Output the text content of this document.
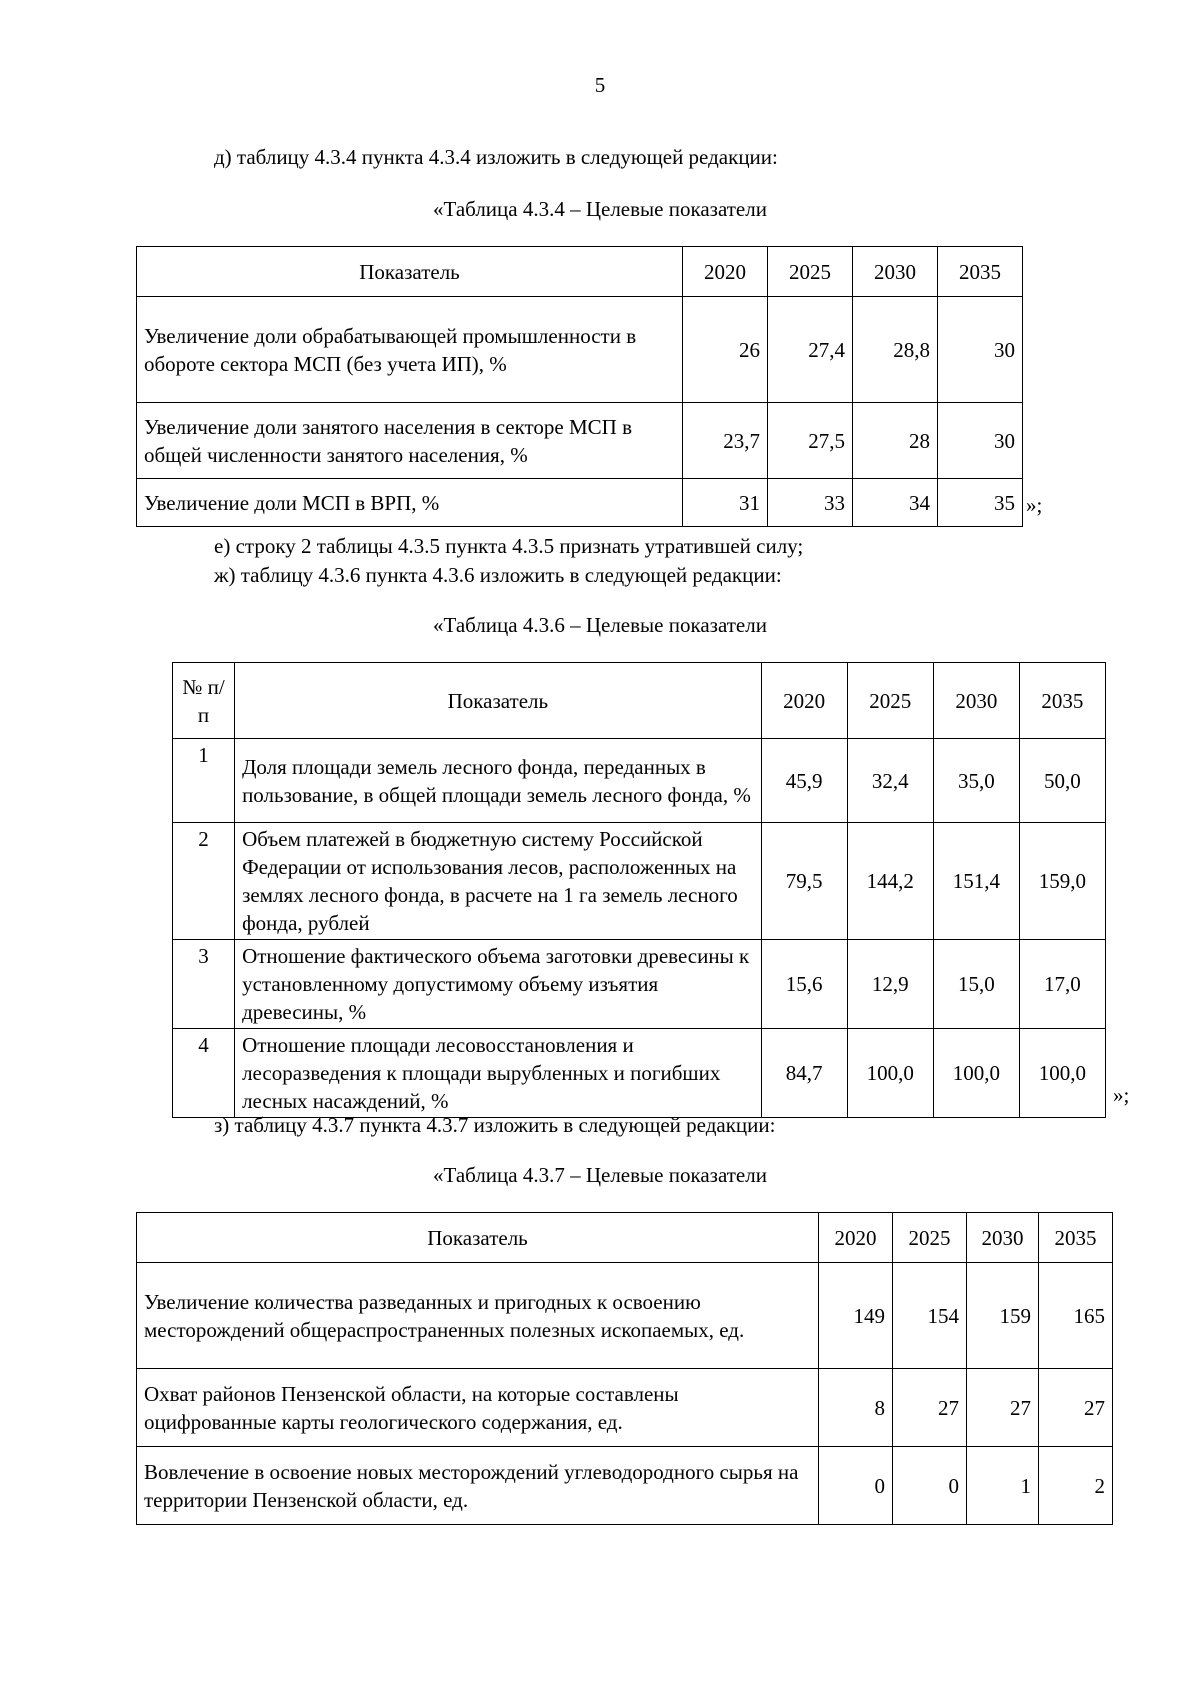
5
д) таблицу 4.3.4 пункта 4.3.4 изложить в следующей редакции:
«Таблица 4.3.4 – Целевые показатели
Показатель	2020	2025	2030	2035
Увеличение доли обрабатывающей промышленности в обороте сектора МСП (без учета ИП), %	26	27,4	28,8	30
Увеличение доли занятого населения в секторе МСП в общей численности занятого населения, %	23,7	27,5	28	30
Увеличение доли МСП в ВРП, %	31	33	34	35 »;
е) строку 2 таблицы 4.3.5 пункта 4.3.5 признать утратившей силу;
ж) таблицу 4.3.6 пункта 4.3.6 изложить в следующей редакции:
«Таблица 4.3.6 – Целевые показатели
№ п/п	Показатель	2020	2025	2030	2035
1	Доля площади земель лесного фонда, переданных в пользование, в общей площади земель лесного фонда, %	45,9	32,4	35,0	50,0
2	Объем платежей в бюджетную систему Российской Федерации от использования лесов, расположенных на землях лесного фонда, в расчете на 1 га земель лесного фонда, рублей	79,5	144,2	151,4	159,0
3	Отношение фактического объема заготовки древесины к установленному допустимому объему изъятия древесины, %	15,6	12,9	15,0	17,0
4	Отношение площади лесовосстановления и лесоразведения к площади вырубленных и погибших лесных насаждений, %	84,7	100,0	100,0	100,0
»;
з) таблицу 4.3.7 пункта 4.3.7 изложить в следующей редакции:
«Таблица 4.3.7 – Целевые показатели
Показатель	2020	2025	2030	2035
Увеличение количества разведанных и пригодных к освоению месторождений общераспространенных полезных ископаемых, ед.	149	154	159	165
Охват районов Пензенской области, на которые составлены оцифрованные карты геологического содержания, ед.	8	27	27	27
Вовлечение в освоение новых месторождений углеводородного сырья на территории Пензенской области, ед.	0	0	1	2
